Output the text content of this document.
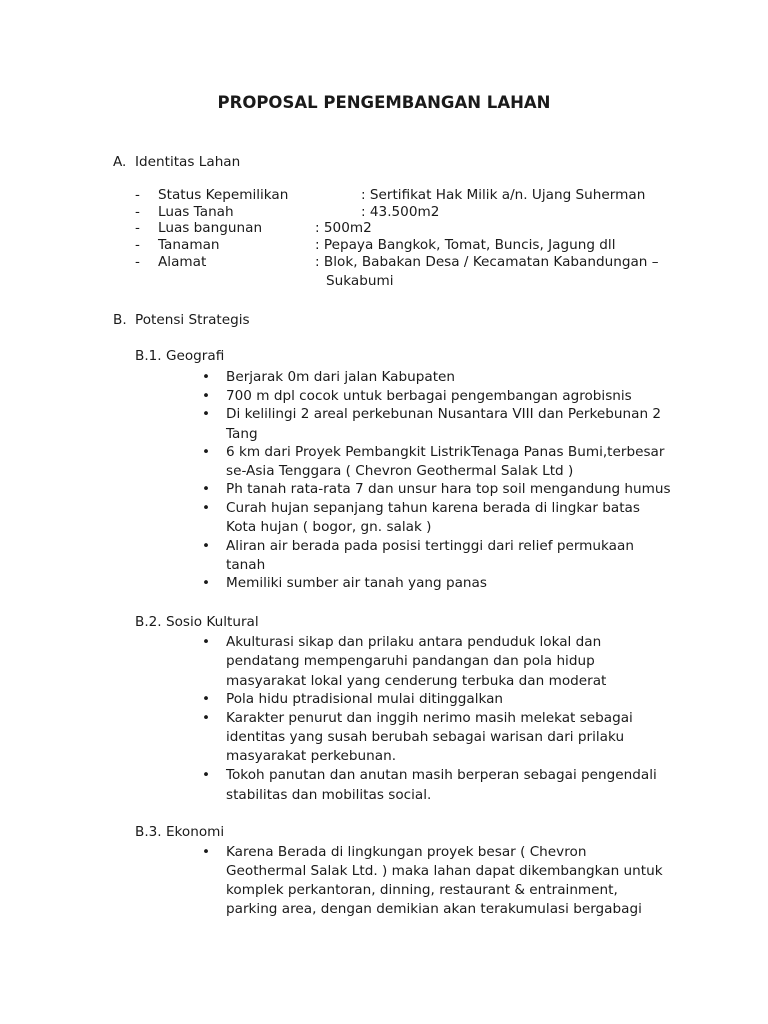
PROPOSAL PENGEMBANGAN LAHAN
A. Identitas Lahan
- Status Kepemilikan	: Sertifikat Hak Milik a/n. Ujang Suherman
- Luas Tanah	: 43.500m2
- Luas bangunan	: 500m2
- Tanaman	: Pepaya Bangkok, Tomat, Buncis, Jagung dll
- Alamat	: Blok, Babakan Desa / Kecamatan Kabandungan –
Sukabumi
B. Potensi Strategis
B.1. Geografi
• Berjarak 0m dari jalan Kabupaten
• 700 m dpl cocok untuk berbagai pengembangan agrobisnis
• Di kelilingi 2 areal perkebunan Nusantara VIII dan Perkebunan 2
Tang
• 6 km dari Proyek Pembangkit ListrikTenaga Panas Bumi,terbesar
se-Asia Tenggara ( Chevron Geothermal Salak Ltd )
• Ph tanah rata-rata 7 dan unsur hara top soil mengandung humus
• Curah hujan sepanjang tahun karena berada di lingkar batas
Kota hujan ( bogor, gn. salak )
• Aliran air berada pada posisi tertinggi dari relief permukaan
tanah
• Memiliki sumber air tanah yang panas
B.2. Sosio Kultural
• Akulturasi sikap dan prilaku antara penduduk lokal dan
pendatang mempengaruhi pandangan dan pola hidup
masyarakat lokal yang cenderung terbuka dan moderat
• Pola hidu ptradisional mulai ditinggalkan
• Karakter penurut dan inggih nerimo masih melekat sebagai
identitas yang susah berubah sebagai warisan dari prilaku
masyarakat perkebunan.
• Tokoh panutan dan anutan masih berperan sebagai pengendali
stabilitas dan mobilitas social.
B.3. Ekonomi
• Karena Berada di lingkungan proyek besar ( Chevron
Geothermal Salak Ltd. ) maka lahan dapat dikembangkan untuk
komplek perkantoran, dinning, restaurant & entrainment,
parking area, dengan demikian akan terakumulasi bergabagi
